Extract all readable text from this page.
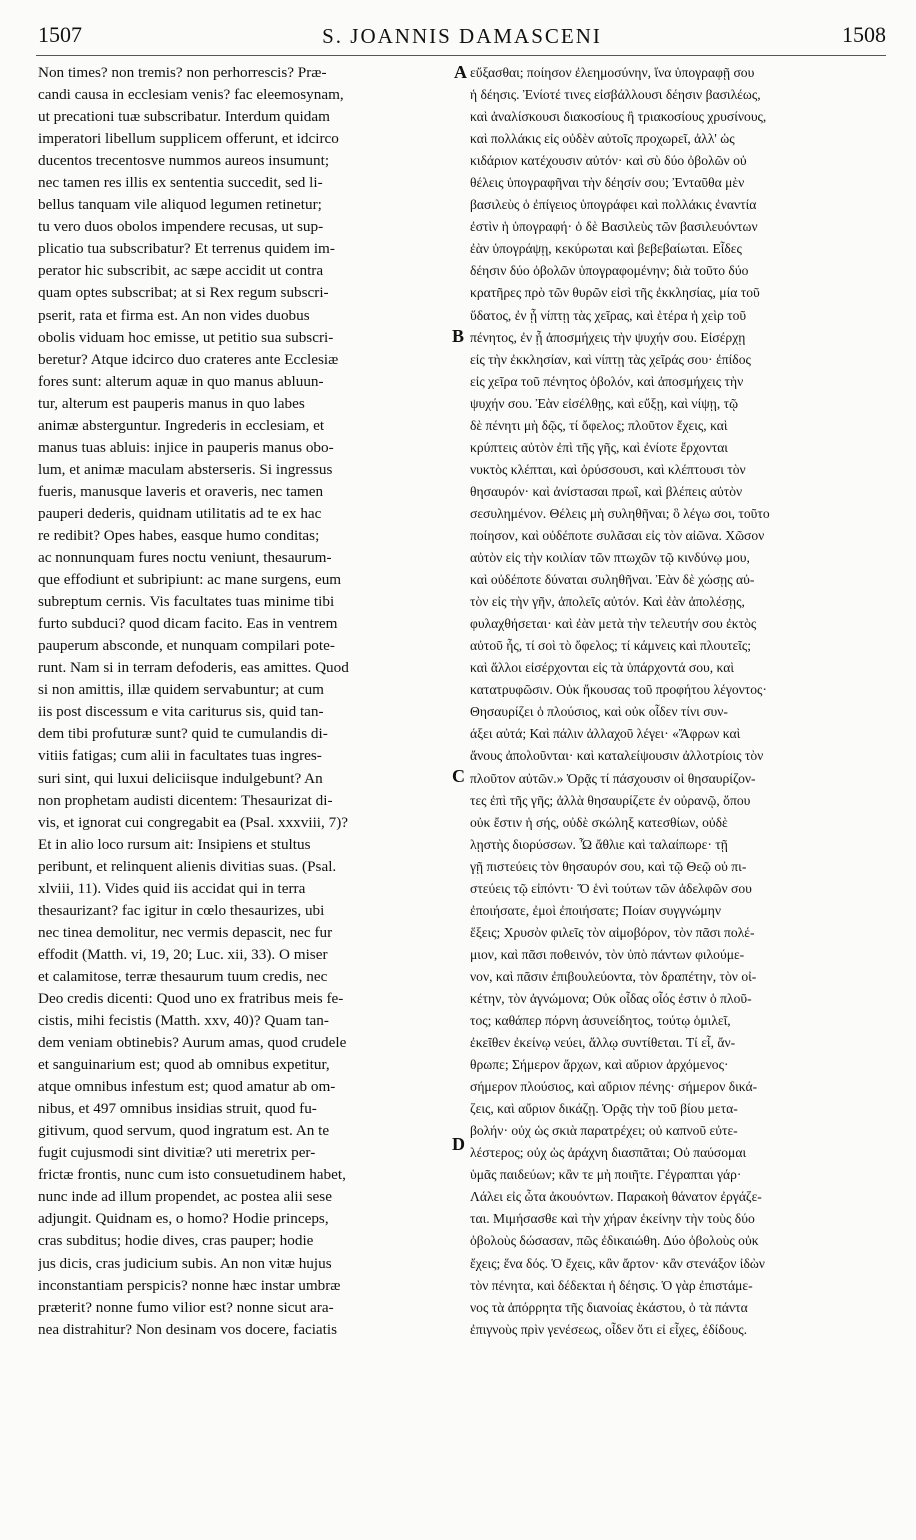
1507	S. JOANNIS DAMASCENI	1508
Non times? non tremis? non perhorrescis? Præ-
candi causa in ecclesiam venis? fac eleemosynam,
ut precationi tuæ subscribatur. Interdum quidam
imperatori libellum supplicem offerunt, et idcirco
ducentos trecentosve nummos aureos insumunt;
nec tamen res illis ex sententia succedit, sed li-
bellus tanquam vile aliquod legumen retinetur;
tu vero duos obolos impendere recusas, ut sup-
plicatio tua subscribatur? Et terrenus quidem im-
perator hic subscribit, ac sæpe accidit ut contra
quam optes subscribat; at si Rex regum subscri-
pserit, rata et firma est. An non vides duobus
obolis viduam hoc emisse, ut petitio sua subscri-
beretur? Atque idcirco duo crateres ante Ecclesiæ
fores sunt: alterum aquæ in quo manus abluun-
tur, alterum est pauperis manus in quo labes
animæ absterguntur. Ingrederis in ecclesiam, et
manus tuas abluis: injice in pauperis manus obo-
lum, et animæ maculam absterseris. Si ingressus
fueris, manusque laveris et oraveris, nec tamen
pauperi dederis, quidnam utilitatis ad te ex hac
re redibit? Opes habes, easque humo conditas;
ac nonnunquam fures noctu veniunt, thesaurum-
que effodiunt et subripiunt: ac mane surgens, eum
subreptum cernis. Vis facultates tuas minime tibi
furto subduci? quod dicam facito. Eas in ventrem
pauperum absconde, et nunquam compilari pote-
runt. Nam si in terram defoderis, eas amittes. Quod
si non amittis, illæ quidem servabuntur; at cum
iis post discessum e vita cariturus sis, quid tan-
dem tibi profuturæ sunt? quid te cumulandis di-
vitiis fatigas; cum alii in facultates tuas ingres-
suri sint, qui luxui deliciisque indulgebunt? An
non prophetam audisti dicentem: Thesaurizat di-
vis, et ignorat cui congregabit ea (Psal. xxxviii, 7)?
Et in alio loco rursum ait: Insipiens et stultus
peribunt, et relinquent alienis divitias suas. (Psal.
xlviii, 11). Vides quid iis accidat qui in terra
thesaurizant? fac igitur in cœlo thesaurizes, ubi
nec tinea demolitur, nec vermis depascit, nec fur
effodit (Matth. vi, 19, 20; Luc. xii, 33). O miser
et calamitose, terræ thesaurum tuum credis, nec
Deo credis dicenti: Quod uno ex fratribus meis fe-
cistis, mihi fecistis (Matth. xxv, 40)? Quam tan-
dem veniam obtinebis? Aurum amas, quod crudele
et sanguinarium est; quod ab omnibus expetitur,
atque omnibus infestum est; quod amatur ab om-
nibus, et 497 omnibus insidias struit, quod fu-
gitivum, quod servum, quod ingratum est. An te
fugit cujusmodi sint divitiæ? uti meretrix per-
frictæ frontis, nunc cum isto consuetudinem habet,
nunc inde ad illum propendet, ac postea alii sese
adjungit. Quidnam es, o homo? Hodie princeps,
cras subditus; hodie dives, cras pauper; hodie
jus dicis, cras judicium subis. An non vitæ hujus
inconstantiam perspicis? nonne hæc instar umbræ
præterit? nonne fumo vilior est? nonne sicut ara-
nea distrahitur? Non desinam vos docere, faciatis
εὔξασθαι; ποίησον ἐλεημοσύνην, ἵνα ὑπογραφῇ σου
ἡ δέησις. Ἐνίοτέ τινες εἰσβάλλουσι δέησιν βασιλέως,
καὶ ἀναλίσκουσι διακοσίους ἢ τριακοσίους χρυσίνους,
καὶ πολλάκις εἰς οὐδὲν αὐτοῖς προχωρεῖ, ἀλλ' ὡς
κιδάριον κατέχουσιν αὐτόν· καὶ σὺ δύο ὀβολῶν οὐ
θέλεις ὑπογραφῆναι τὴν δέησίν σου; Ἐνταῦθα μὲν
βασιλεὺς ὁ ἐπίγειος ὑπογράφει καὶ πολλάκις ἐναντία
ἐστὶν ἡ ὑπογραφή· ὁ δὲ Βασιλεὺς τῶν βασιλευόντων
ἐὰν ὑπογράψῃ, κεκύρωται καὶ βεβεβαίωται. Εἶδες
δέησιν δύο ὀβολῶν ὑπογραφομένην; διὰ τοῦτο δύο
κρατῆρες πρὸ τῶν θυρῶν εἰσὶ τῆς ἐκκλησίας, μία τοῦ
ὕδατος, ἐν ᾗ νίπτῃ τὰς χεῖρας, καὶ ἑτέρα ἡ χεὶρ τοῦ
πένητος, ἐν ᾗ ἀποσμήχεις τὴν ψυχήν σου. Εἰσέρχῃ
εἰς τὴν ἐκκλησίαν, καὶ νίπτῃ τὰς χεῖράς σου· ἐπίδος
εἰς χεῖρα τοῦ πένητος ὀβολόν, καὶ ἀποσμήχεις τὴν
ψυχήν σου. Ἐὰν εἰσέλθῃς, καὶ εὔξῃ, καὶ νίψῃ, τῷ
δὲ πένητι μὴ δῷς, τί ὄφελος; πλοῦτον ἔχεις, καὶ
κρύπτεις αὐτὸν ἐπὶ τῆς γῆς, καὶ ἐνίοτε ἔρχονται
νυκτὸς κλέπται, καὶ ὀρύσσουσι, καὶ κλέπτουσι τὸν
θησαυρόν· καὶ ἀνίστασαι πρωΐ, καὶ βλέπεις αὐτὸν
σεσυλημένον. Θέλεις μὴ συληθῆναι; ὃ λέγω σοι, τοῦτο
ποίησον, καὶ οὐδέποτε συλᾶσαι εἰς τὸν αἰῶνα. Χῶσον
αὐτὸν εἰς τὴν κοιλίαν τῶν πτωχῶν τῷ κινδύνῳ μου,
καὶ οὐδέποτε δύναται συληθῆναι. Ἐὰν δὲ χώσῃς αὐ-
τὸν εἰς τὴν γῆν, ἀπολεῖς αὐτόν. Καὶ ἐὰν ἀπολέσῃς,
φυλαχθήσεται· καὶ ἐὰν μετὰ τὴν τελευτήν σου ἐκτὸς
αὐτοῦ ἦς, τί σοὶ τὸ ὄφελος; τί κάμνεις καὶ πλουτεῖς;
καὶ ἄλλοι εἰσέρχονται εἰς τὰ ὑπάρχοντά σου, καὶ
κατατρυφῶσιν. Οὐκ ἤκουσας τοῦ προφήτου λέγοντος·
Θησαυρίζει ὁ πλούσιος, καὶ οὐκ οἶδεν τίνι συν-
άξει αὐτά; Καὶ πάλιν ἀλλαχοῦ λέγει· «Ἄφρων καὶ
ἄνους ἀπολοῦνται· καὶ καταλείψουσιν ἀλλοτρίοις τὸν
πλοῦτον αὐτῶν.» Ὁρᾷς τί πάσχουσιν οἱ θησαυρίζον-
τες ἐπὶ τῆς γῆς; ἀλλὰ θησαυρίζετε ἐν οὐρανῷ, ὅπου
οὐκ ἔστιν ἡ σής, οὐδὲ σκώληξ κατεσθίων, οὐδὲ
λῃστὴς διορύσσων. Ὦ ἄθλιε καὶ ταλαίπωρε· τῇ
γῇ πιστεύεις τὸν θησαυρόν σου, καὶ τῷ Θεῷ οὐ πι-
στεύεις τῷ εἰπόντι· Ὅ ἑνὶ τούτων τῶν ἀδελφῶν σου
ἐποιήσατε, ἐμοὶ ἐποιήσατε; Ποίαν συγγνώμην
ἕξεις; Χρυσὸν φιλεῖς τὸν αἱμοβόρον, τὸν πᾶσι πολέ-
μιον, καὶ πᾶσι ποθεινόν, τὸν ὑπὸ πάντων φιλούμε-
νον, καὶ πᾶσιν ἐπιβουλεύοντα, τὸν δραπέτην, τὸν οἰ-
κέτην, τὸν ἀγνώμονα; Οὐκ οἶδας οἷός ἐστιν ὁ πλοῦ-
τος; καθάπερ πόρνη ἀσυνείδητος, τούτῳ ὁμιλεῖ,
ἐκεῖθεν ἐκείνῳ νεύει, ἄλλῳ συντίθεται. Τί εἶ, ἄν-
θρωπε; Σήμερον ἄρχων, καὶ αὔριον ἀρχόμενος·
σήμερον πλούσιος, καὶ αὔριον πένης· σήμερον δικά-
ζεις, καὶ αὔριον δικάζῃ. Ὁρᾷς τὴν τοῦ βίου μετα-
βολήν· οὐχ ὡς σκιὰ παρατρέχει; οὐ καπνοῦ εὐτε-
λέστερος; οὐχ ὡς ἀράχνη διασπᾶται; Οὐ παύσομαι
ὑμᾶς παιδεύων; κἂν τε μὴ ποιῆτε. Γέγραπται γάρ·
Λάλει εἰς ὦτα ἀκουόντων. Παρακοὴ θάνατον ἐργάζε-
ται. Μιμήσασθε καὶ τὴν χήραν ἐκείνην τὴν τοὺς δύο
ὀβολοὺς δώσασαν, πῶς ἐδικαιώθη. Δύο ὀβολοὺς οὐκ
ἔχεις; ἕνα δός. Ὁ ἔχεις, κἂν ἄρτον· κἂν στενάξον ἰδὼν
τὸν πένητα, καὶ δέδεκται ἡ δέησις. Ὁ γὰρ ἐπιστάμε-
νος τὰ ἀπόρρητα τῆς διανοίας ἑκάστου, ὁ τὰ πάντα
ἐπιγνοὺς πρὶν γενέσεως, οἶδεν ὅτι εἰ εἶχες, ἐδίδους.
A
B
C
D
